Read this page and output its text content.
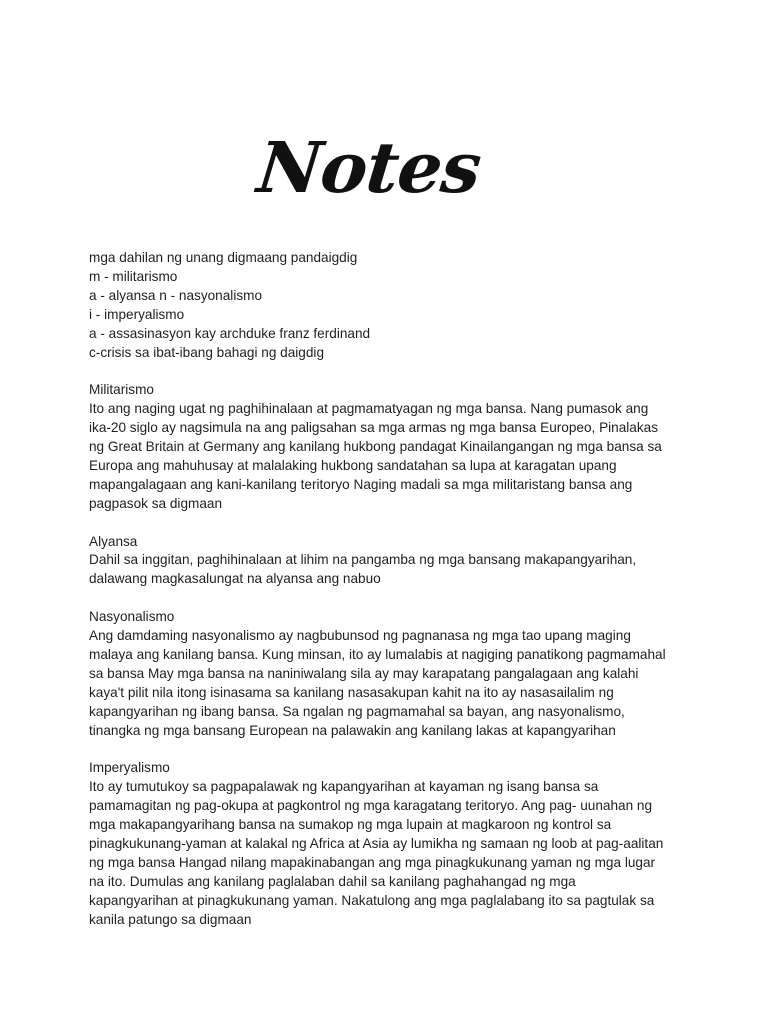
Notes

mga dahilan ng unang digmaang pandaigdig

m - militarismo

a - alyansa n - nasyonalismo

i - imperyalismo

a - assasinasyon kay archduke franz ferdinand

c-crisis sa ibat-ibang bahagi ng daigdig

Militarismo

Ito ang naging ugat ng paghihinalaan at pagmamatyagan ng mga bansa. Nang pumasok ang

ika-20 siglo ay nagsimula na ang paligsahan sa mga armas ng mga bansa Europeo, Pinalakas

ng Great Britain at Germany ang kanilang hukbong pandagat Kinailangangan ng mga bansa sa

Europa ang mahuhusay at malalaking hukbong sandatahan sa lupa at karagatan upang

mapangalagaan ang kani-kanilang teritoryo Naging madali sa mga militaristang bansa ang

pagpasok sa digmaan

Alyansa

Dahil sa inggitan, paghihinalaan at lihim na pangamba ng mga bansang makapangyarihan,

dalawang magkasalungat na alyansa ang nabuo

Nasyonalismo

Ang damdaming nasyonalismo ay nagbubunsod ng pagnanasa ng mga tao upang maging

malaya ang kanilang bansa. Kung minsan, ito ay lumalabis at nagiging panatikong pagmamahal

sa bansa May mga bansa na naniniwalang sila ay may karapatang pangalagaan ang kalahi

kaya't pilit nila itong isinasama sa kanilang nasasakupan kahit na ito ay nasasailalim ng

kapangyarihan ng ibang bansa. Sa ngalan ng pagmamahal sa bayan, ang nasyonalismo,

tinangka ng mga bansang European na palawakin ang kanilang lakas at kapangyarihan

Imperyalismo

Ito ay tumutukoy sa pagpapalawak ng kapangyarihan at kayaman ng isang bansa sa

pamamagitan ng pag-okupa at pagkontrol ng mga karagatang teritoryo. Ang pag- uunahan ng

mga makapangyarihang bansa na sumakop ng mga lupain at magkaroon ng kontrol sa

pinagkukunang-yaman at kalakal ng Africa at Asia ay lumikha ng samaan ng loob at pag-aalitan

ng mga bansa Hangad nilang mapakinabangan ang mga pinagkukunang yaman ng mga lugar

na ito. Dumulas ang kanilang paglalaban dahil sa kanilang paghahangad ng mga

kapangyarihan at pinagkukunang yaman. Nakatulong ang mga paglalabang ito sa pagtulak sa

kanila patungo sa digmaan
